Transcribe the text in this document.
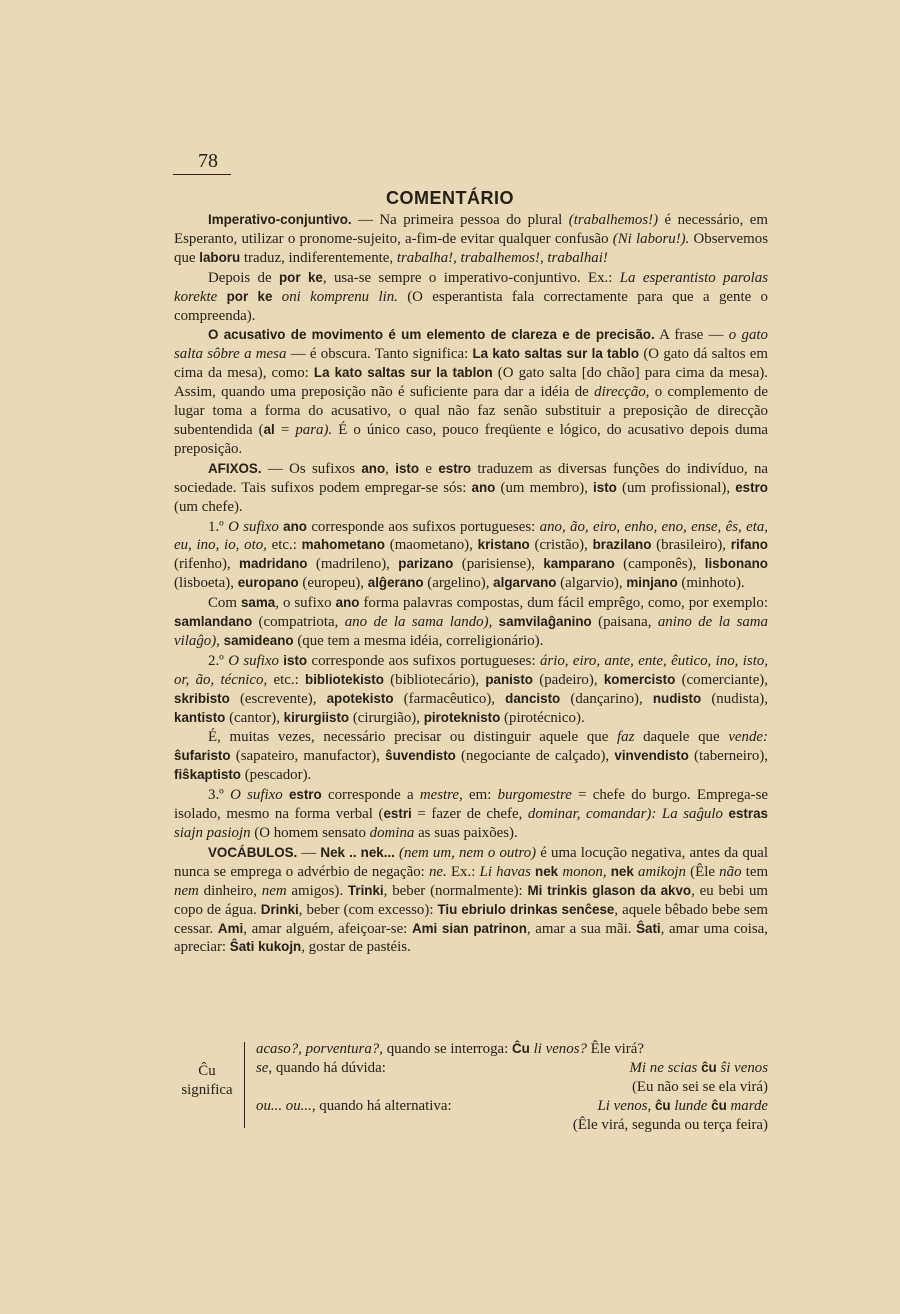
78
COMENTÁRIO

Imperativo-conjuntivo. — Na primeira pessoa do plural (trabalhemos!) é necessário, em Esperanto, utilizar o pronome-sujeito, a-fim-de evitar qualquer confusão (Ni laboru!). Observemos que laboru traduz, indiferentemente, trabalha!, trabalhemos!, trabalhai!

Depois de por ke, usa-se sempre o imperativo-conjuntivo. Ex.: La esperantisto parolas korekte por ke oni komprenu lin. (O esperantista fala correctamente para que a gente o compreenda).

O acusativo de movimento é um elemento de clareza e de precisão. A frase — o gato salta sôbre a mesa — é obscura. Tanto significa: La kato saltas sur la tablo (O gato dá saltos em cima da mesa), como: La kato saltas sur la tablon (O gato salta [do chão] para cima da mesa). Assim, quando uma preposição não é suficiente para dar a idéia de direcção, o complemento de lugar toma a forma do acusativo, o qual não faz senão substituir a preposição de direcção subentendida (al = para). É o único caso, pouco freqüente e lógico, do acusativo depois duma preposição.

AFIXOS. — Os sufixos ano, isto e estro traduzem as diversas funções do indivíduo, na sociedade. Tais sufixos podem empregar-se sós: ano (um membro), isto (um profissional), estro (um chefe).

1.º O sufixo ano corresponde aos sufixos portugueses: ano, ão, eiro, enho, eno, ense, ês, eta, eu, ino, io, oto, etc.: mahometano (maometano), kristano (cristão), brazilano (brasileiro), rifano (rifenho), madridano (madrileno), parizano (parisiense), kamparano (camponês), lisbonano (lisboeta), europano (europeu), alĝerano (argelino), algarvano (algarvio), minjano (minhoto).

Com sama, o sufixo ano forma palavras compostas, dum fácil emprêgo, como, por exemplo: samlandano (compatriota, ano de la sama lando), samvilaĝanino (paisana, anino de la sama vilaĝo), samideano (que tem a mesma idéia, correligionário).

2.º O sufixo isto corresponde aos sufixos portugueses: ário, eiro, ante, ente, êutico, ino, isto, or, ão, técnico, etc.: bibliotekisto (bibliotecário), panisto (padeiro), komercisto (comerciante), skribisto (escrevente), apotekisto (farmacêutico), dancisto (dançarino), nudisto (nudista), kantisto (cantor), kirurgiisto (cirurgião), piroteknisto (pirotécnico).

É, muitas vezes, necessário precisar ou distinguir aquele que faz daquele que vende: ŝufaristo (sapateiro, manufactor), ŝuvendisto (negociante de calçado), vinvendisto (taberneiro), fiŝkaptisto (pescador).

3.º O sufixo estro corresponde a mestre, em: burgomestre = chefe do burgo. Emprega-se isolado, mesmo na forma verbal (estri = fazer de chefe, dominar, comandar): La saĝulo estras siajn pasiojn (O homem sensato domina as suas paixões).

VOCÁBULOS. — Nek .. nek... (nem um, nem o outro) é uma locução negativa, antes da qual nunca se emprega o advérbio de negação: ne. Ex.: Li havas nek monon, nek amikojn (Êle não tem nem dinheiro, nem amigos). Trinki, beber (normalmente): Mi trinkis glason da akvo, eu bebi um copo de água. Drinki, beber (com excesso): Tiu ebriulo drinkas senĉese, aquele bêbado bebe sem cessar. Ami, amar alguém, afeiçoar-se: Ami sian patrinon, amar a sua mãi. Ŝati, amar uma coisa, apreciar: Ŝati kukojn, gostar de pastéis.

Ĉu
significa
acaso?, porventura?, quando se interroga: Ĉu li venos? Êle virá?
se, quando há dúvida:	Mi ne scias ĉu ŝi venos
(Eu não sei se ela virá)
ou... ou..., quando há alternativa:	Li venos, ĉu lunde ĉu marde
(Êle virá, segunda ou terça feira)
